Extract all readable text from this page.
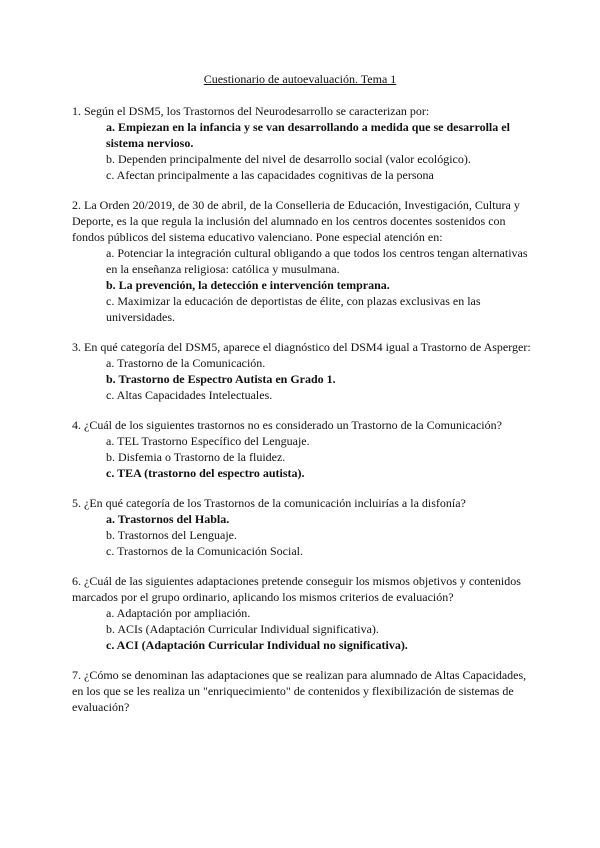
Cuestionario de autoevaluación. Tema 1

1. Según el DSM5, los Trastornos del Neurodesarrollo se caracterizan por:

a. Empiezan en la infancia y se van desarrollando a medida que se desarrolla el sistema nervioso.
b. Dependen principalmente del nivel de desarrollo social (valor ecológico).
c. Afectan principalmente a las capacidades cognitivas de la persona

2. La Orden 20/2019, de 30 de abril, de la Conselleria de Educación, Investigación, Cultura y Deporte, es la que regula la inclusión del alumnado en los centros docentes sostenidos con fondos públicos del sistema educativo valenciano. Pone especial atención en:

a. Potenciar la integración cultural obligando a que todos los centros tengan alternativas en la enseñanza religiosa: católica y musulmana.
b. La prevención, la detección e intervención temprana.
c. Maximizar la educación de deportistas de élite, con plazas exclusivas en las universidades.

3. En qué categoría del DSM5, aparece el diagnóstico del DSM4 igual a Trastorno de Asperger:

a. Trastorno de la Comunicación.
b. Trastorno de Espectro Autista en Grado 1.
c. Altas Capacidades Intelectuales.

4. ¿Cuál de los siguientes trastornos no es considerado un Trastorno de la Comunicación?

a. TEL Trastorno Específico del Lenguaje.
b. Disfemia o Trastorno de la fluidez.
c. TEA (trastorno del espectro autista).

5. ¿En qué categoría de los Trastornos de la comunicación incluirías a la disfonía?

a. Trastornos del Habla.
b. Trastornos del Lenguaje.
c. Trastornos de la Comunicación Social.

6. ¿Cuál de las siguientes adaptaciones pretende conseguir los mismos objetivos y contenidos marcados por el grupo ordinario, aplicando los mismos criterios de evaluación?

a. Adaptación por ampliación.
b. ACIs (Adaptación Curricular Individual significativa).
c. ACI (Adaptación Curricular Individual no significativa).

7. ¿Cómo se denominan las adaptaciones que se realizan para alumnado de Altas Capacidades, en los que se les realiza un "enriquecimiento" de contenidos y flexibilización de sistemas de evaluación?
